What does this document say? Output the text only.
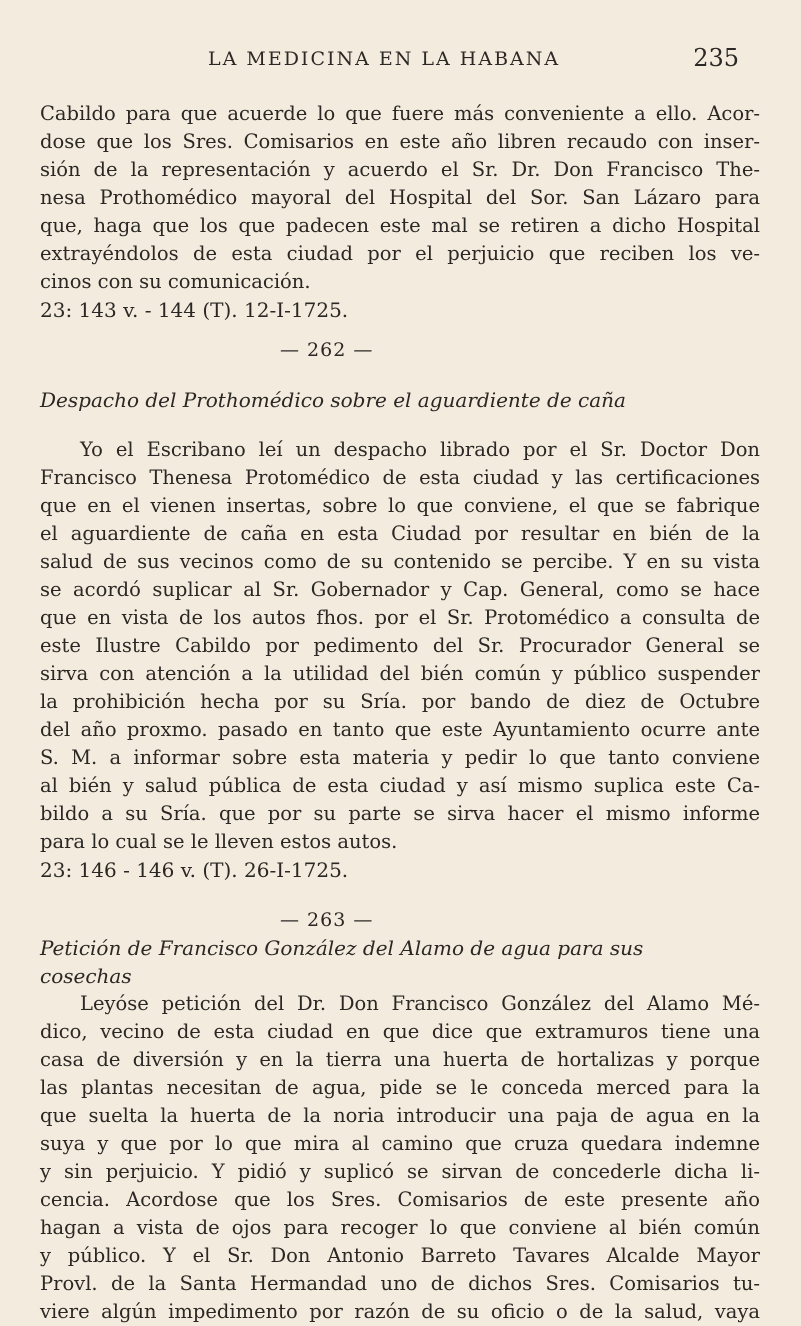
LA MEDICINA EN LA HABANA	235
Cabildo para que acuerde lo que fuere más conveniente a ello. Acor-
dose que los Sres. Comisarios en este año libren recaudo con inser-
sión de la representación y acuerdo el Sr. Dr. Don Francisco The-
nesa Prothomédico mayoral del Hospital del Sor. San Lázaro para
que, haga que los que padecen este mal se retiren a dicho Hospital
extrayéndolos de esta ciudad por el perjuicio que reciben los ve-
cinos con su comunicación.
23: 143 v. - 144 (T). 12-I-1725.
— 262 —
Despacho del Prothomédico sobre el aguardiente de caña
Yo el Escribano leí un despacho librado por el Sr. Doctor Don
Francisco Thenesa Protomédico de esta ciudad y las certificaciones
que en el vienen insertas, sobre lo que conviene, el que se fabrique
el aguardiente de caña en esta Ciudad por resultar en bién de la
salud de sus vecinos como de su contenido se percibe. Y en su vista
se acordó suplicar al Sr. Gobernador y Cap. General, como se hace
que en vista de los autos fhos. por el Sr. Protomédico a consulta de
este Ilustre Cabildo por pedimento del Sr. Procurador General se
sirva con atención a la utilidad del bién común y público suspender
la prohibición hecha por su Sría. por bando de diez de Octubre
del año proxmo. pasado en tanto que este Ayuntamiento ocurre ante
S. M. a informar sobre esta materia y pedir lo que tanto conviene
al bién y salud pública de esta ciudad y así mismo suplica este Ca-
bildo a su Sría. que por su parte se sirva hacer el mismo informe
para lo cual se le lleven estos autos.
23: 146 - 146 v. (T). 26-I-1725.
— 263 —
Petición de Francisco González del Alamo de agua para sus
cosechas
Leyóse petición del Dr. Don Francisco González del Alamo Mé-
dico, vecino de esta ciudad en que dice que extramuros tiene una
casa de diversión y en la tierra una huerta de hortalizas y porque
las plantas necesitan de agua, pide se le conceda merced para la
que suelta la huerta de la noria introducir una paja de agua en la
suya y que por lo que mira al camino que cruza quedara indemne
y sin perjuicio. Y pidió y suplicó se sirvan de concederle dicha li-
cencia. Acordose que los Sres. Comisarios de este presente año
hagan a vista de ojos para recoger lo que conviene al bién común
y público. Y el Sr. Don Antonio Barreto Tavares Alcalde Mayor
Provl. de la Santa Hermandad uno de dichos Sres. Comisarios tu-
viere algún impedimento por razón de su oficio o de la salud, vaya
